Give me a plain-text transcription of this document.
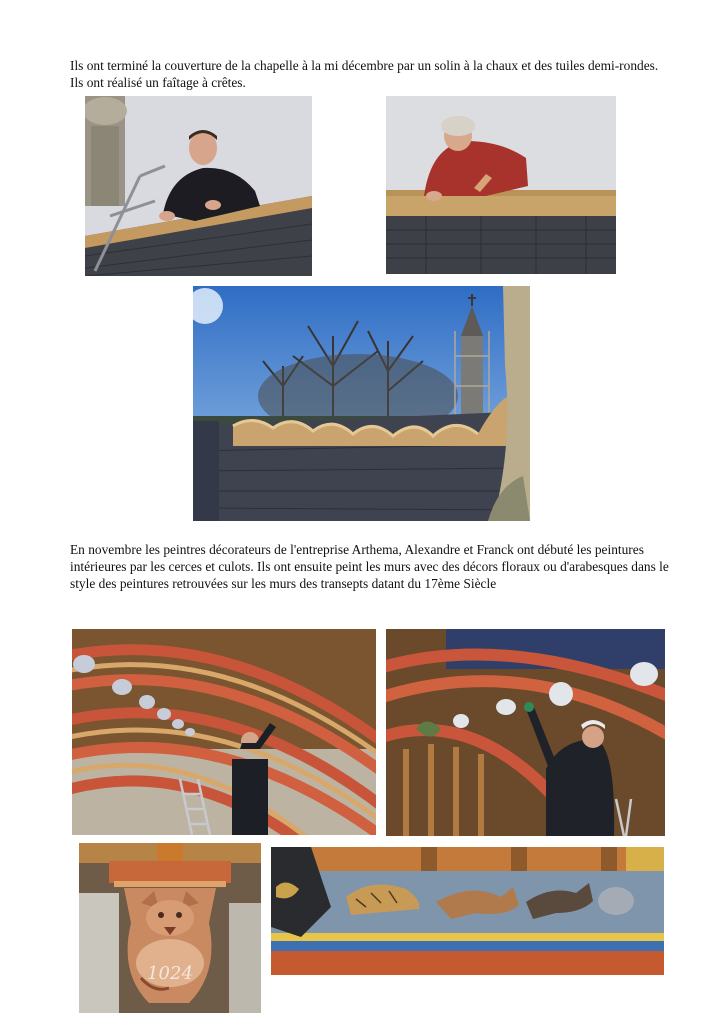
Ils ont terminé la couverture de la chapelle à la mi décembre par un solin à la chaux et des tuiles demi-rondes. Ils ont réalisé un faîtage à crêtes.

En novembre les peintres décorateurs de l'entreprise Arthema, Alexandre et Franck ont débuté les peintures intérieures par les cerces et culots. Ils ont ensuite peint les murs avec des décors floraux ou d'arabesques dans le style des peintures retrouvées sur les murs des transepts datant du 17ème Siècle

1024
